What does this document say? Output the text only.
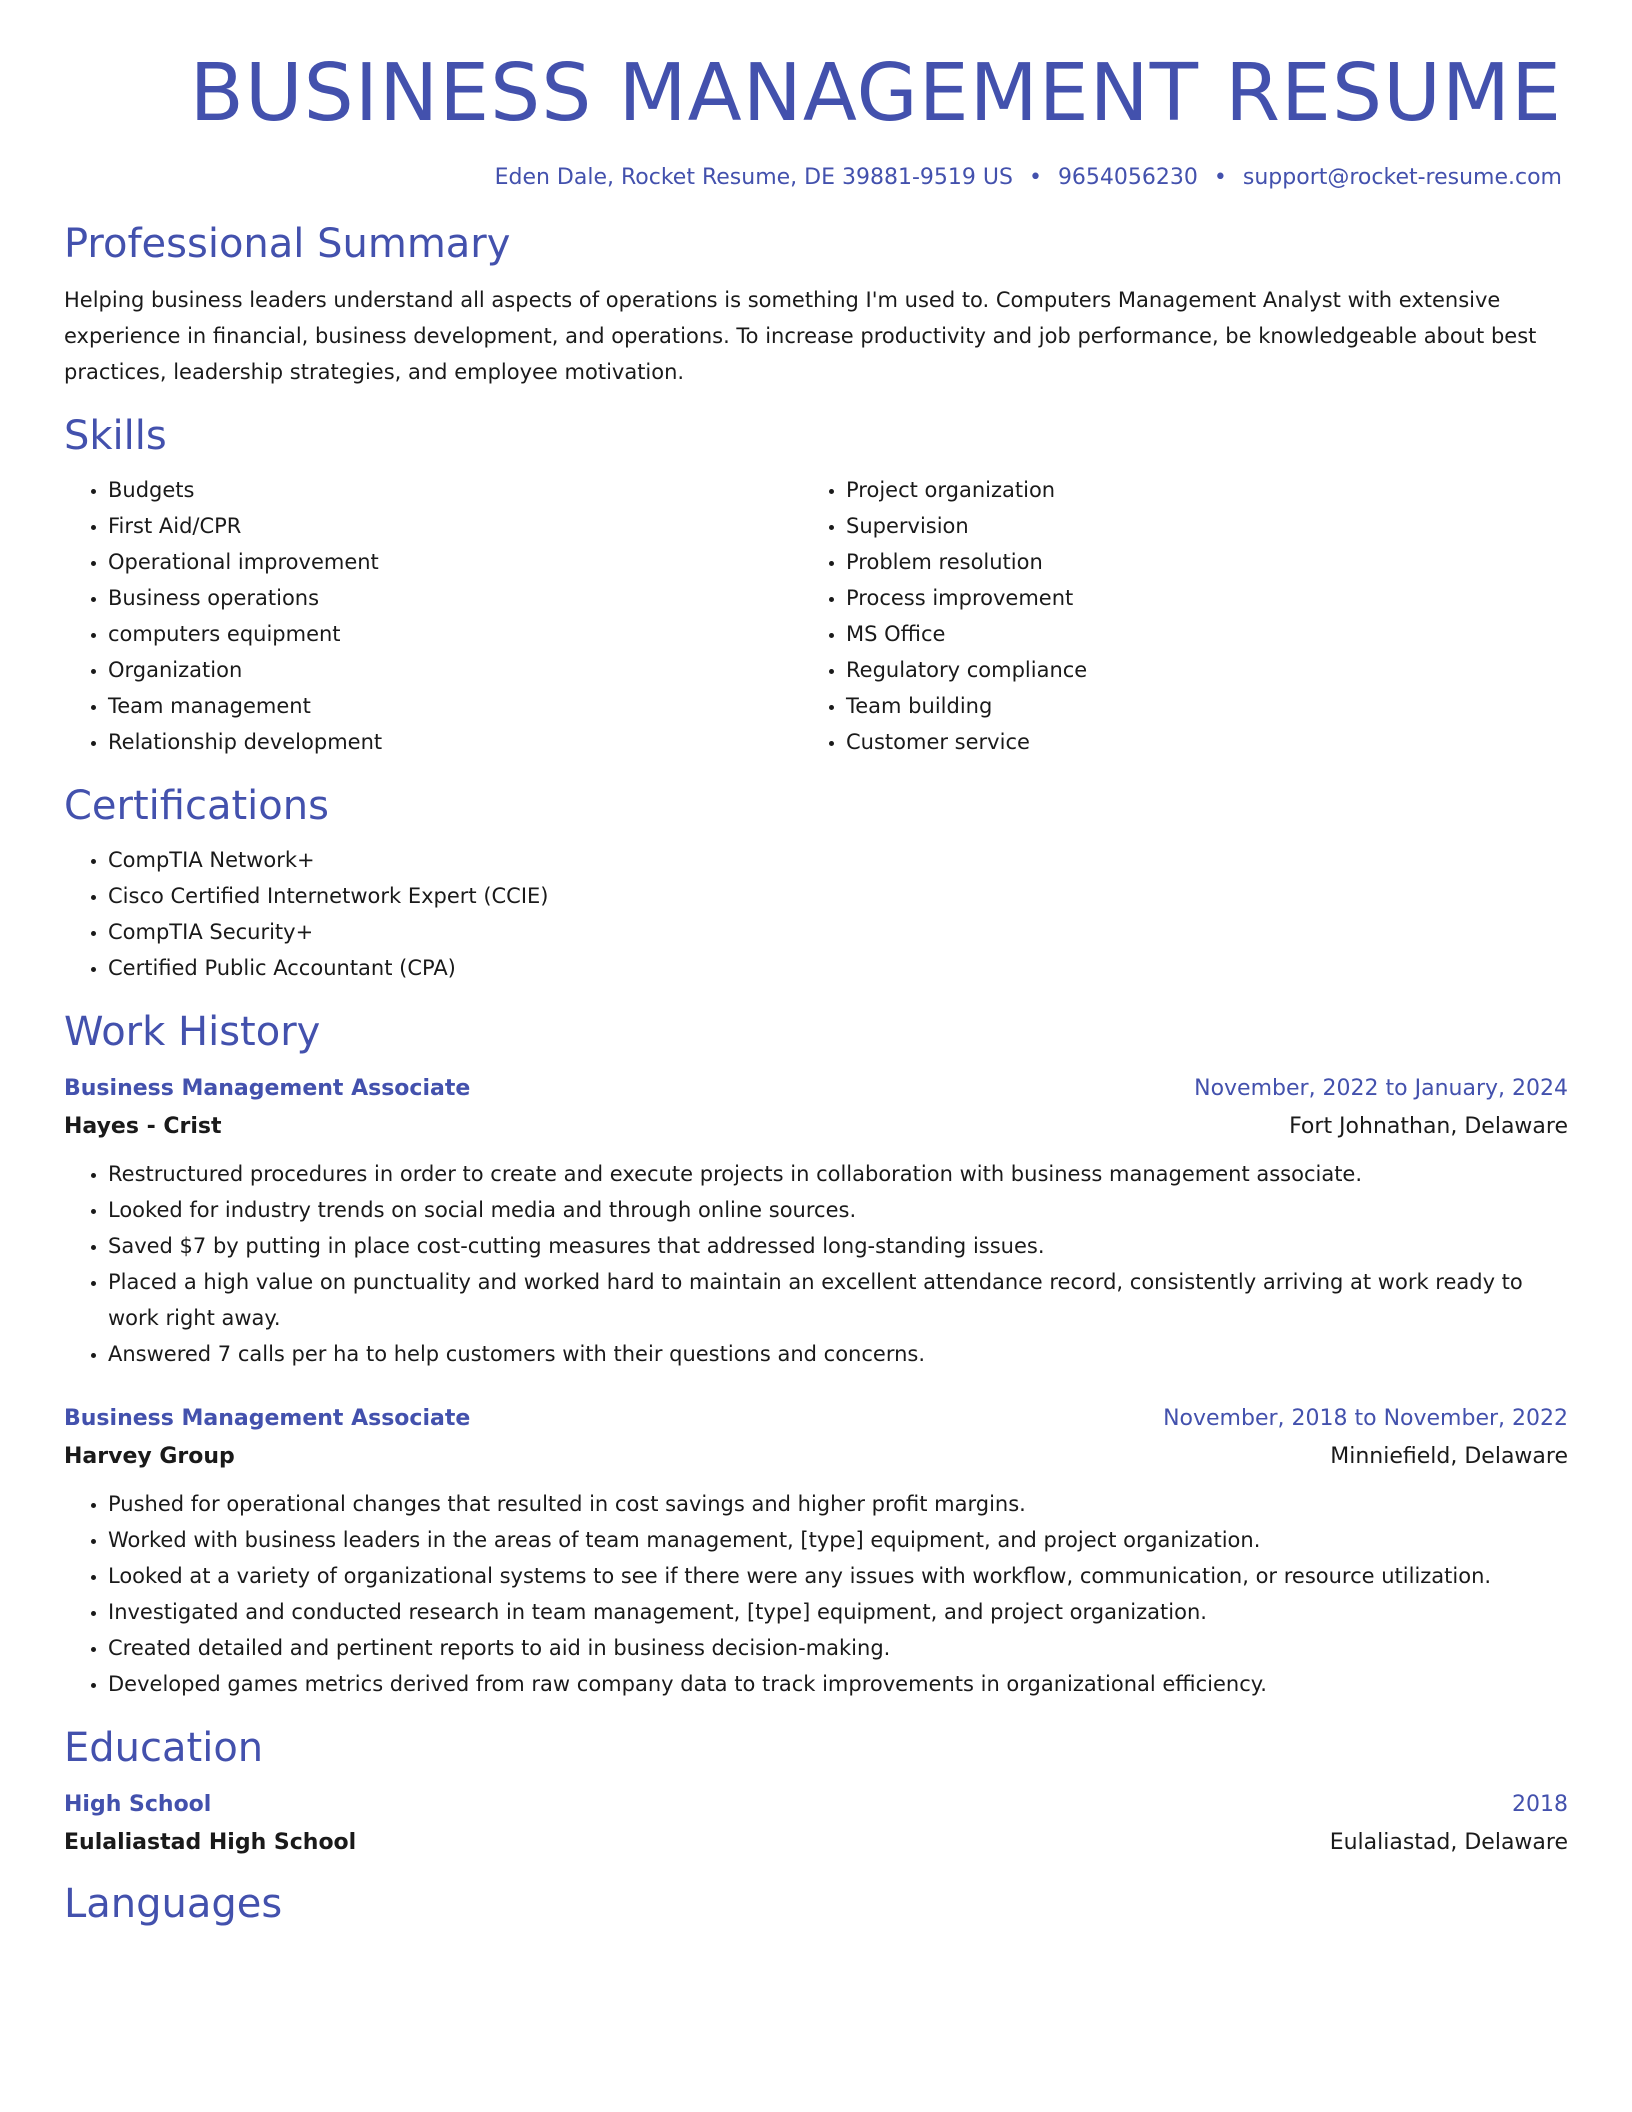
BUSINESS MANAGEMENT RESUME
Eden Dale, Rocket Resume, DE 39881-9519 US • 9654056230 • support@rocket-resume.com
Professional Summary

Helping business leaders understand all aspects of operations is something I'm used to. Computers Management Analyst with extensive experience in financial, business development, and operations. To increase productivity and job performance, be knowledgeable about best practices, leadership strategies, and employee motivation.

Skills
• Budgets
• First Aid/CPR
• Operational improvement
• Business operations
• computers equipment
• Organization
• Team management
• Relationship development
• Project organization
• Supervision
• Problem resolution
• Process improvement
• MS Office
• Regulatory compliance
• Team building
• Customer service
Certifications
• CompTIA Network+
• Cisco Certified Internetwork Expert (CCIE)
• CompTIA Security+
• Certified Public Accountant (CPA)
Work History
Business Management Associate	November, 2022 to January, 2024
Hayes - Crist	Fort Johnathan, Delaware
• Restructured procedures in order to create and execute projects in collaboration with business management associate.
• Looked for industry trends on social media and through online sources.
• Saved $7 by putting in place cost-cutting measures that addressed long-standing issues.
• Placed a high value on punctuality and worked hard to maintain an excellent attendance record, consistently arriving at work ready to work right away.
• Answered 7 calls per ha to help customers with their questions and concerns.
Business Management Associate	November, 2018 to November, 2022
Harvey Group	Minniefield, Delaware
• Pushed for operational changes that resulted in cost savings and higher profit margins.
• Worked with business leaders in the areas of team management, [type] equipment, and project organization.
• Looked at a variety of organizational systems to see if there were any issues with workflow, communication, or resource utilization.
• Investigated and conducted research in team management, [type] equipment, and project organization.
• Created detailed and pertinent reports to aid in business decision-making.
• Developed games metrics derived from raw company data to track improvements in organizational efficiency.
Education
High School	2018
Eulaliastad High School	Eulaliastad, Delaware
Languages
